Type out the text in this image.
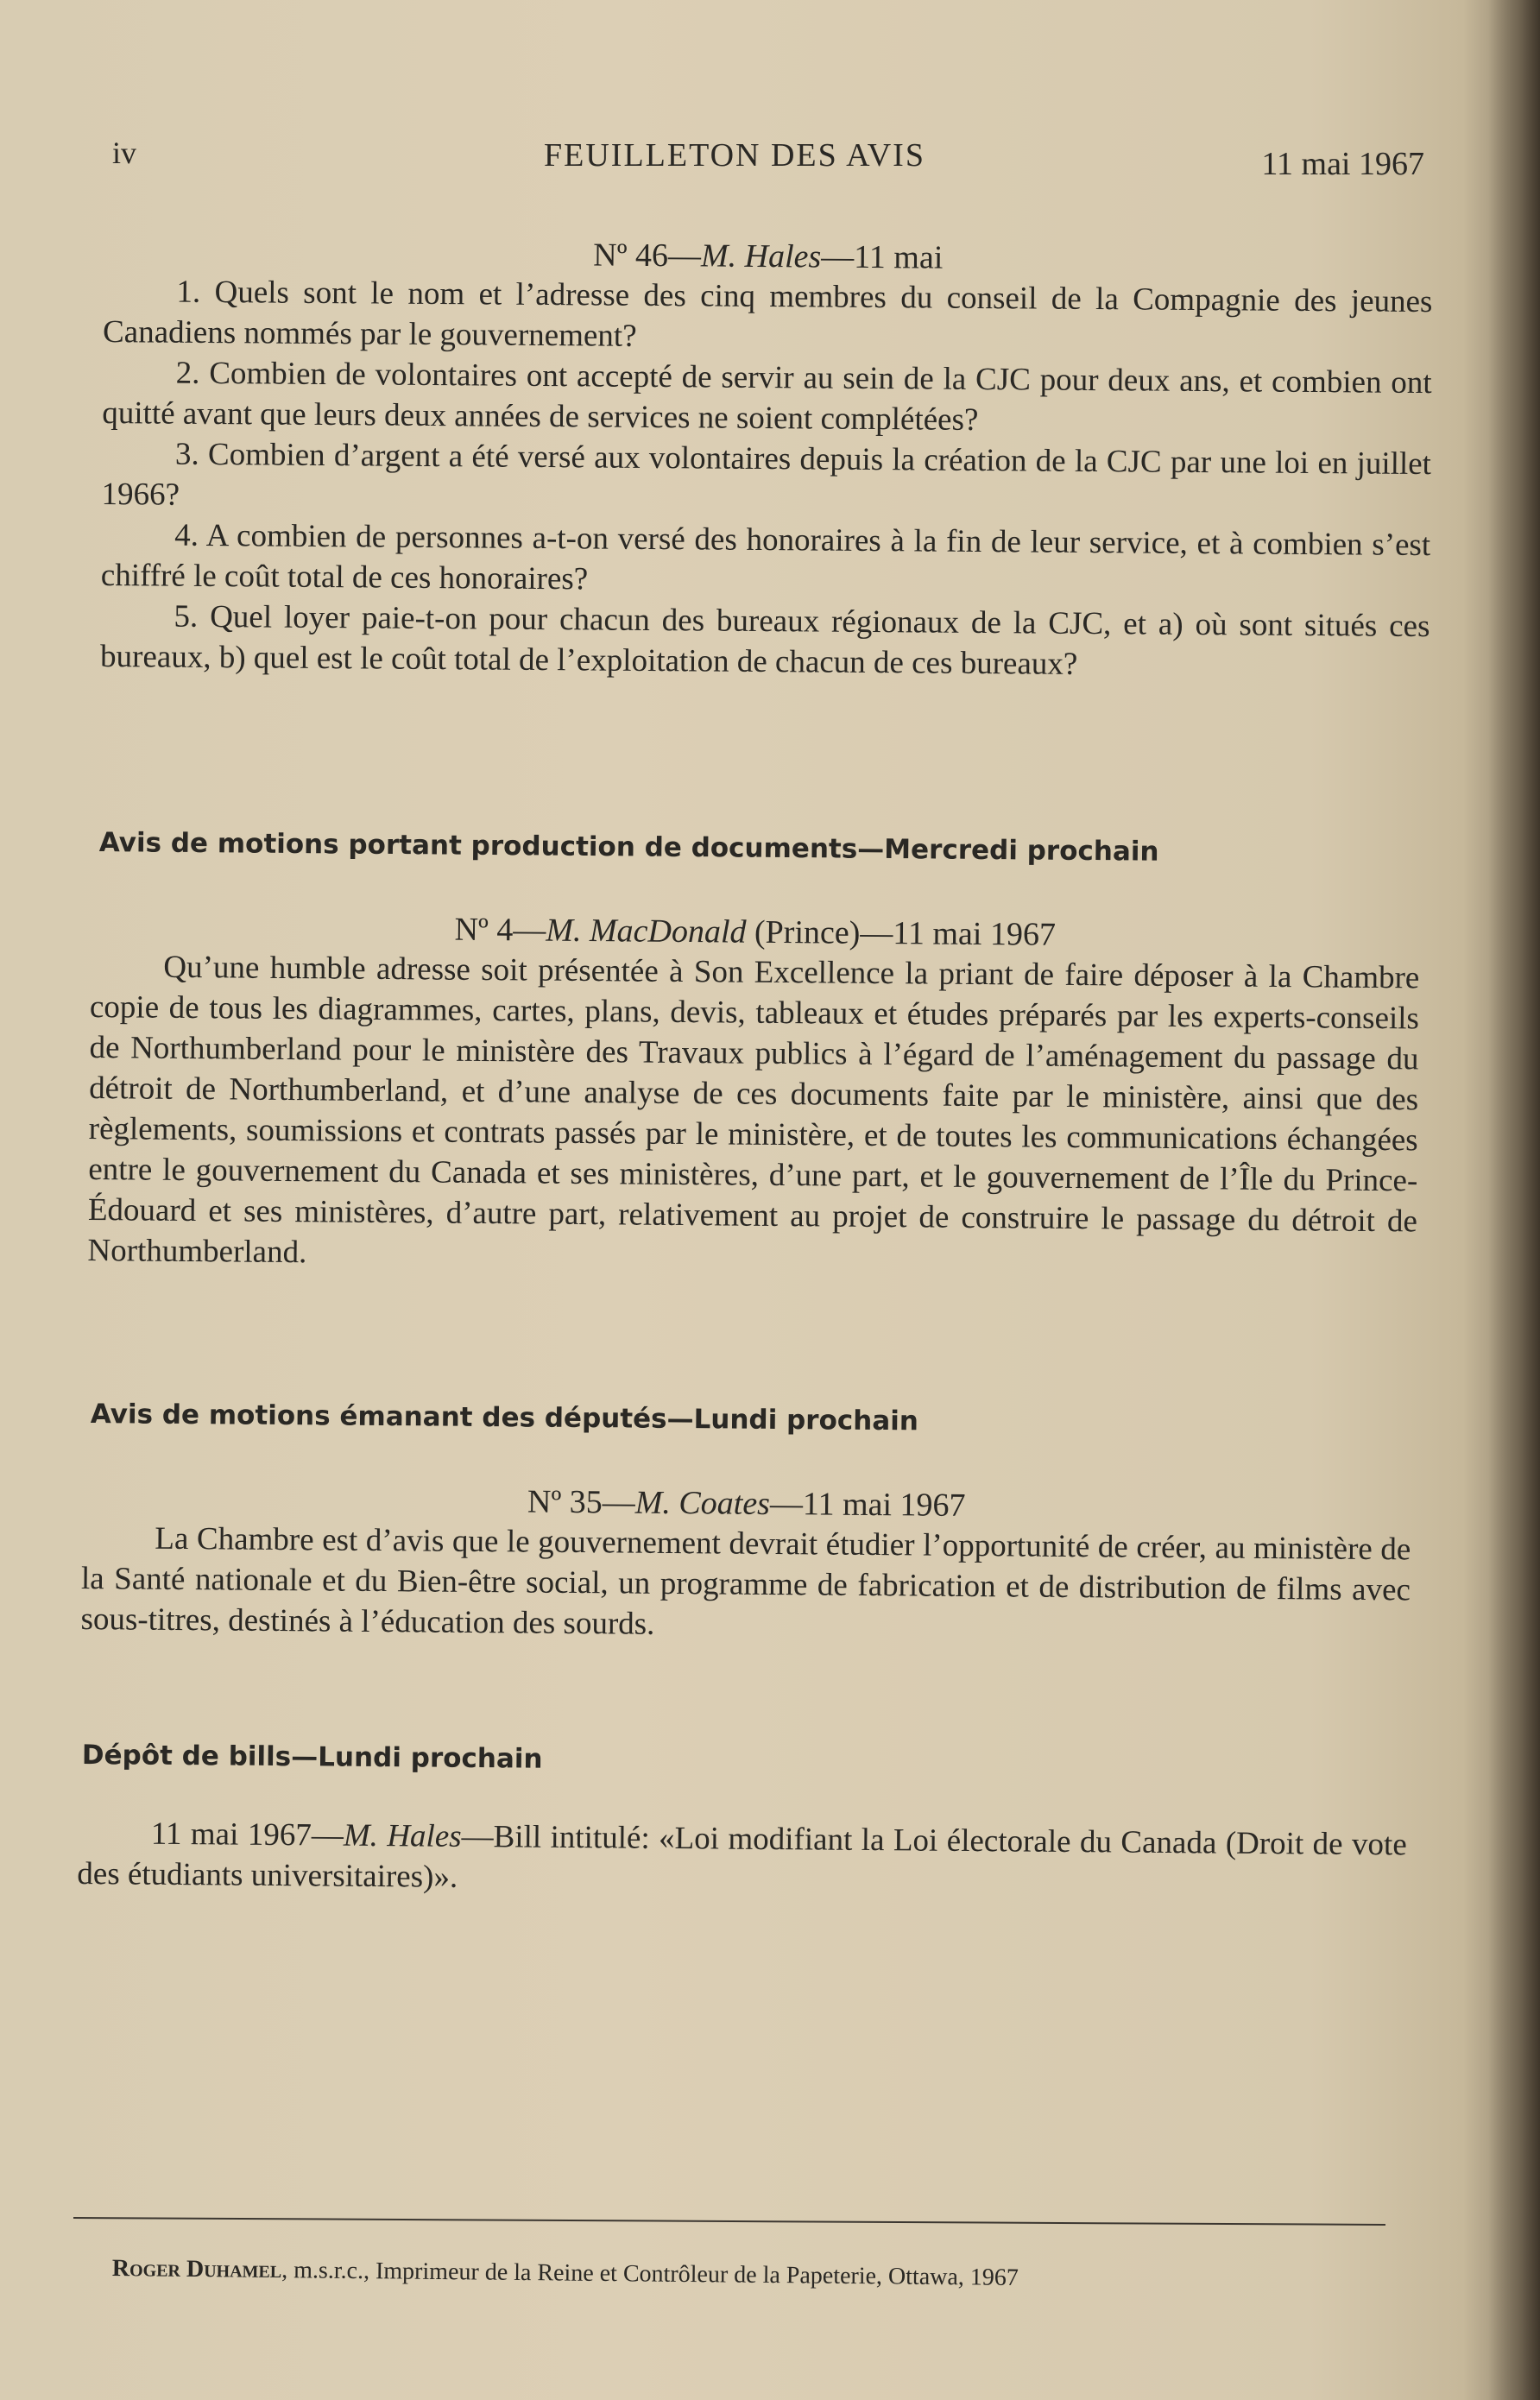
iv	FEUILLETON DES AVIS	11 mai 1967

Nº 46—M. Hales—11 mai

1. Quels sont le nom et l’adresse des cinq membres du conseil de la Compagnie des jeunes Canadiens nommés par le gouvernement?

2. Combien de volontaires ont accepté de servir au sein de la CJC pour deux ans, et combien ont quitté avant que leurs deux années de services ne soient complétées?

3. Combien d’argent a été versé aux volontaires depuis la création de la CJC par une loi en juillet 1966?

4. A combien de personnes a-t-on versé des honoraires à la fin de leur service, et à combien s’est chiffré le coût total de ces honoraires?

5. Quel loyer paie-t-on pour chacun des bureaux régionaux de la CJC, et a) où sont situés ces bureaux, b) quel est le coût total de l’exploitation de chacun de ces bureaux?

Avis de motions portant production de documents—Mercredi prochain

Nº 4—M. MacDonald (Prince)—11 mai 1967

Qu’une humble adresse soit présentée à Son Excellence la priant de faire déposer à la Chambre copie de tous les diagrammes, cartes, plans, devis, tableaux et études préparés par les experts-conseils de Northumberland pour le ministère des Travaux publics à l’égard de l’aménagement du passage du détroit de Northumberland, et d’une analyse de ces documents faite par le ministère, ainsi que des règlements, soumissions et contrats passés par le ministère, et de toutes les communications échangées entre le gouvernement du Canada et ses ministères, d’une part, et le gouvernement de l’Île du Prince-Édouard et ses ministères, d’autre part, relativement au projet de construire le passage du détroit de Northumberland.

Avis de motions émanant des députés—Lundi prochain

Nº 35—M. Coates—11 mai 1967

La Chambre est d’avis que le gouvernement devrait étudier l’opportunité de créer, au ministère de la Santé nationale et du Bien-être social, un programme de fabrication et de distribution de films avec sous-titres, destinés à l’éducation des sourds.

Dépôt de bills—Lundi prochain

11 mai 1967—M. Hales—Bill intitulé: «Loi modifiant la Loi électorale du Canada (Droit de vote des étudiants universitaires)».

Roger Duhamel, m.s.r.c., Imprimeur de la Reine et Contrôleur de la Papeterie, Ottawa, 1967
